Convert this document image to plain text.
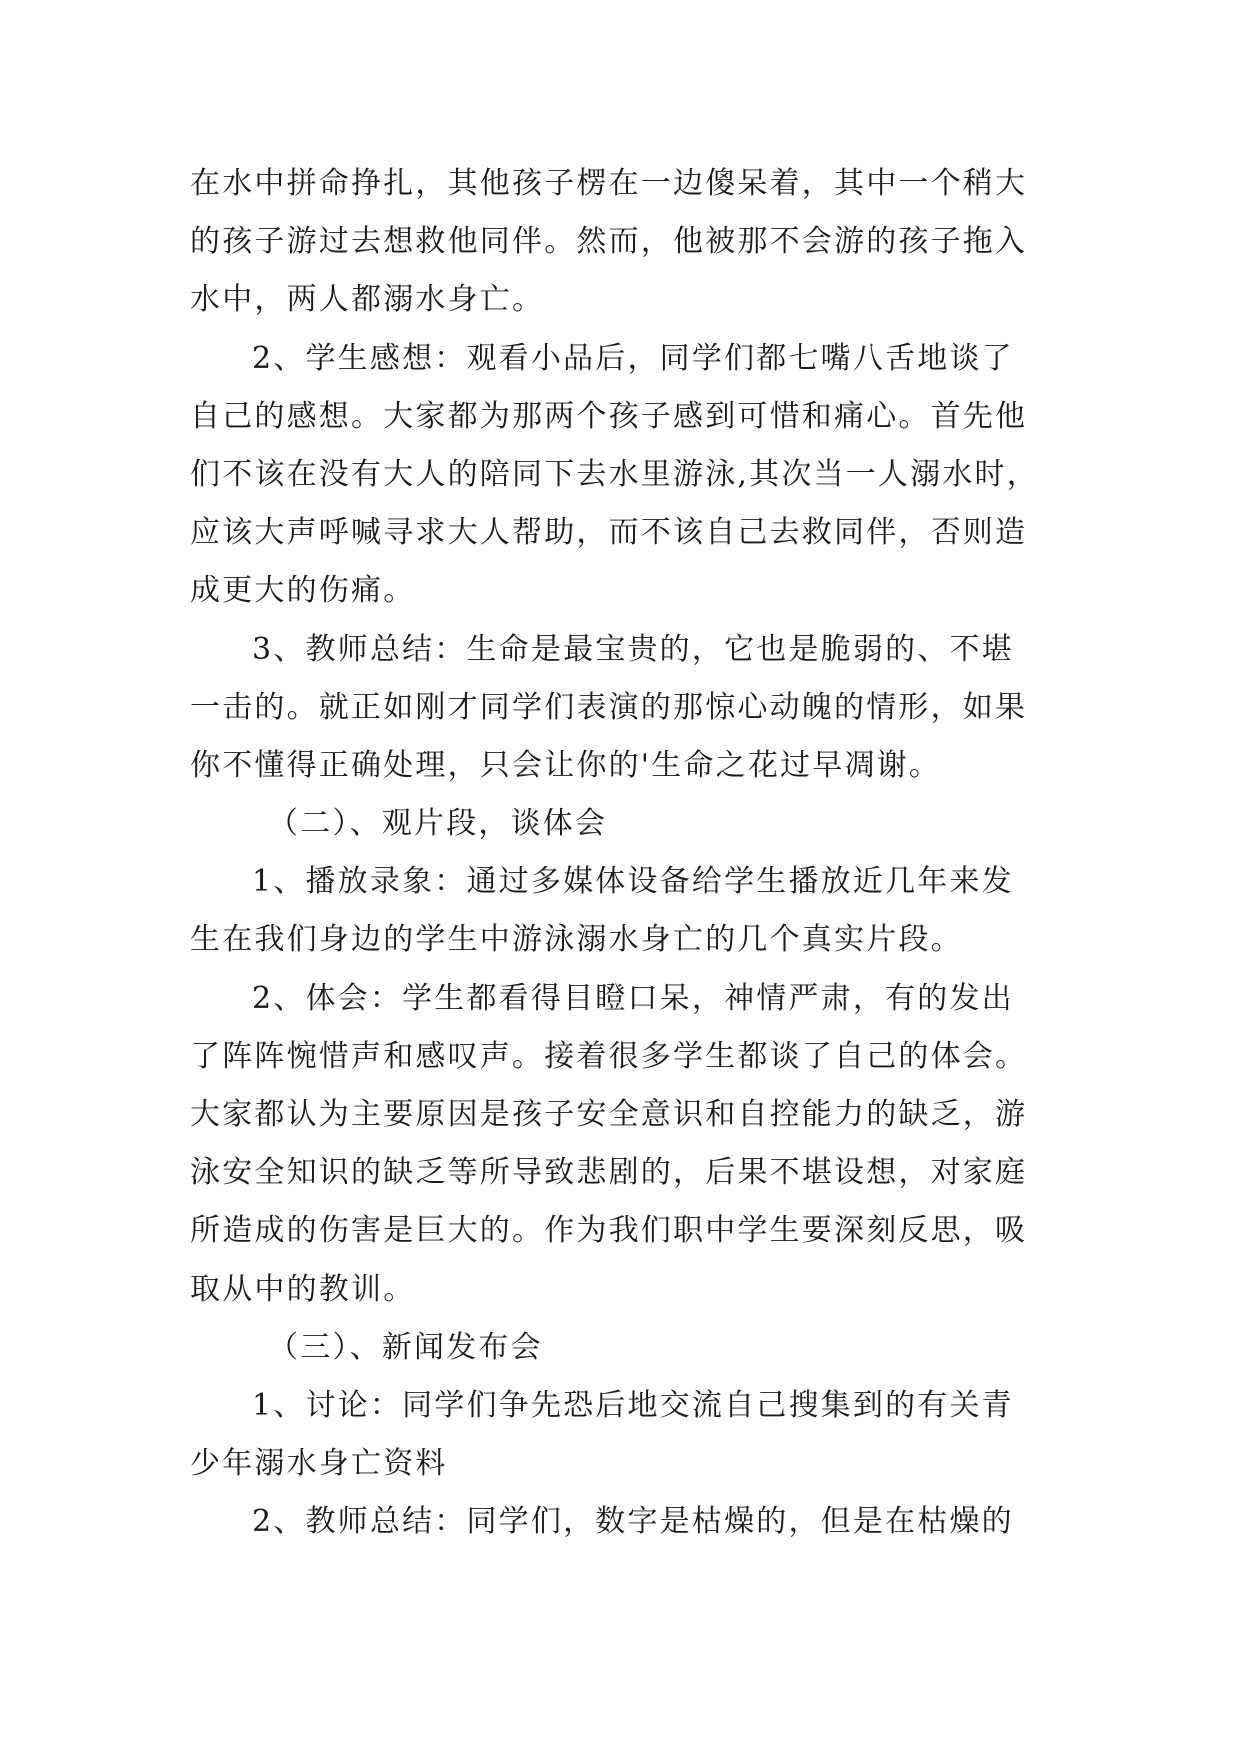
在水中拼命挣扎，其他孩子楞在一边傻呆着，其中一个稍大
的孩子游过去想救他同伴。然而，他被那不会游的孩子拖入
水中，两人都溺水身亡。
2、学生感想：观看小品后，同学们都七嘴八舌地谈了
自己的感想。大家都为那两个孩子感到可惜和痛心。首先他
们不该在没有大人的陪同下去水里游泳,其次当一人溺水时，
应该大声呼喊寻求大人帮助，而不该自己去救同伴，否则造
成更大的伤痛。
3、教师总结：生命是最宝贵的，它也是脆弱的、不堪
一击的。就正如刚才同学们表演的那惊心动魄的情形，如果
你不懂得正确处理，只会让你的'生命之花过早凋谢。
（二）、观片段，谈体会
1、播放录象：通过多媒体设备给学生播放近几年来发
生在我们身边的学生中游泳溺水身亡的几个真实片段。
2、体会：学生都看得目瞪口呆，神情严肃，有的发出
了阵阵惋惜声和感叹声。接着很多学生都谈了自己的体会。
大家都认为主要原因是孩子安全意识和自控能力的缺乏，游
泳安全知识的缺乏等所导致悲剧的，后果不堪设想，对家庭
所造成的伤害是巨大的。作为我们职中学生要深刻反思，吸
取从中的教训。
（三）、新闻发布会
1、讨论：同学们争先恐后地交流自己搜集到的有关青
少年溺水身亡资料
2、教师总结：同学们，数字是枯燥的，但是在枯燥的
